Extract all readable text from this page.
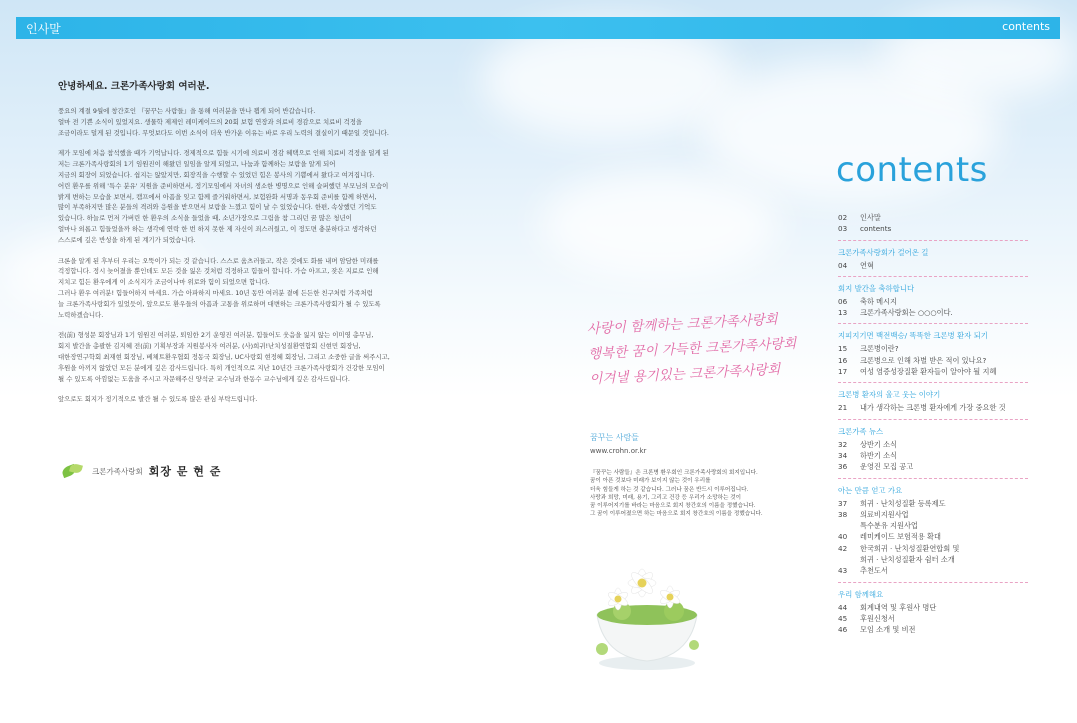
인사말	contents
안녕하세요. 크론가족사랑회 여러분.

풍요의 계절 9월에 창간호인 『꿈꾸는 사람들』을 통해 여러분을 만나 뵙게 되어 반갑습니다.
얼마 전 기쁜 소식이 있었지요. 생물학 제제인 레미케이드의 20회 보험 연장과 의료비 경감으로 치료비 걱정을
조금이라도 덜게 된 것입니다. 무엇보다도 이번 소식이 더욱 반가운 이유는 바로 우리 노력의 결실이기 때문일 것입니다.

제가 모임에 처음 참석했을 때가 기억납니다. 경제적으로 힘들 시기에 의료비 경감 혜택으로 인해 치료비 걱정을 덜게 된
저는 크론가족사랑회의 1기 임원진이 해왔던 일임을 알게 되었고, 나눔과 함께하는 보람을 알게 되어
지금의 회장이 되었습니다. 쉽지는 않았지만, 회장직을 수행할 수 있었던 힘은 봉사의 기쁨에서 왔다고 여겨집니다.
어린 환우를 위해 '특수 분유' 지원을 준비하면서, 정기모임에서 자녀의 생소한 병명으로 인해 슬퍼했던 부모님의 모습이
밝게 변하는 모습을 보면서, 캠프에서 아픔을 잊고 함께 즐거워하면서, 보험완화 서명과 동우회 준비를 함께 하면서,
많이 부족하지만 많은 분들의 격려와 응원을 받으면서 보람을 느꼈고 힘이 날 수 있었습니다. 한편, 속상했던 기억도
있습니다. 하늘로 먼저 가버린 한 환우의 소식을 들었을 때, 소년가장으로 그림을 참 그리던 꿈 많은 청년이
얼마나 외롭고 힘들었을까 하는 생각에 연락 한 번 하지 못한 제 자신이 죄스러웠고, 이 정도면 충분하다고 생각하던
스스로에 깊은 반성을 하게 된 계기가 되었습니다.

크론을 알게 된 후부터 우리는 오뚝이가 되는 것 같습니다. 스스로 움츠러들고, 작은 것에도 화를 내며 암담한 미래를
걱정합니다. 정시 늦어졌을 뿐인데도 모든 것을 잃은 것처럼 걱정하고 힘들어 합니다. 가슴 아프고, 잦은 지료로 인해
지치고 힘든 환우에게 이 소식지가 조금이나마 위로와 힘이 되었으면 합니다.
그러나 환우 여러분! 힘들어하지 마세요. 가슴 아파하지 마세요. 10년 동안 여러분 곁에 든든한 친구처럼 가족처럼
늘 크론가족사랑회가 있었듯이, 앞으로도 환우들의 아픔과 고통을 위로하며 대변하는 크론가족사랑회가 될 수 있도록
노력하겠습니다.

전(前) 형성문 회장님과 1기 임원진 여러분, 퇴임한 2기 운영진 여러분, 힘들어도 웃음을 잃지 않는 이미영 총무님,
회지 발간을 총괄한 김지혜 전(前) 기획부장과 지원봉사자 여러분, (사)희귀!난치성질환연합회 신현민 회장님,
대한장연구학회 최재현 회장님, 베체트환우협회 정동국 회장님, UC사랑회 현정혜 회장님, 그리고 소중한 글을 써주시고,
후원을 아끼지 않았던 모든 분에게 깊은 감사드립니다. 특히 개인적으로 지난 10년간 크론가족사랑회가 건강한 모임이
될 수 있도록 아낌없는 도움을 주시고 자문해주신 양석균 교수님과 한동수 교수님에게 깊은 감사드립니다.

앞으로도 회지가 정기적으로 발간 될 수 있도록 많은 관심 부탁드립니다.

크론가족사랑회 회장 문 현 준
사랑이 함께하는 크론가족사랑회
행복한 꿈이 가득한 크론가족사랑회
이겨낼 용기있는 크론가족사랑회
꿈꾸는 사람들
www.crohn.or.kr
『꿈꾸는 사람들』은 크론병 환우회인 크론가족사랑회의 회지입니다.
꿈이 아픈 것보다 미래가 보이지 않는 것이 우리를
더욱 힘들게 하는 것 같습니다. 그러나 꿈은 반드시 이루어집니다.
사랑과 희망, 미래, 용기, 그리고 건강 등 우리가 소망하는 것이
꿈 이루어지기를 바라는 마음으로 회지 창간호의 이름을 정했습니다.
그 꿈이 이루어졌으면 하는 마음으로 회지 창간호의 이름을 정했습니다.
contents
02	인사말
03	contents
크론가족사랑회가 걸어온 길
04	연혁
회지 발간을 축하합니다
06	축하 메시지
13	크론가족사랑회는 ○○○이다.
지피지기면 백전백승/ 똑똑한 크론병 환자 되기
15	크론병이란?
16	크론병으로 인해 차별 받은 적이 있나요?
17	여성 염증성장질환 환자들이 알아야 될 지혜
크론병 환자의 울고 웃는 이야기
21	내가 생각하는 크론병 환자에게 가장 중요한 것
크론가족 뉴스
32	상반기 소식
34	하반기 소식
36	운영진 모집 공고
아는 만큼 얻고 가요
37	희귀 · 난치성질환 등록제도
38	의료비지원사업
특수분유 지원사업
40	레미케이드 보험적용 확대
42	한국희귀 · 난치성질환연합회 및
희귀 · 난치성질환자 쉼터 소개
43	추천도서
우리 함께해요
44	회계내역 및 후원사 명단
45	후원신청서
46	모임 소개 및 비전
